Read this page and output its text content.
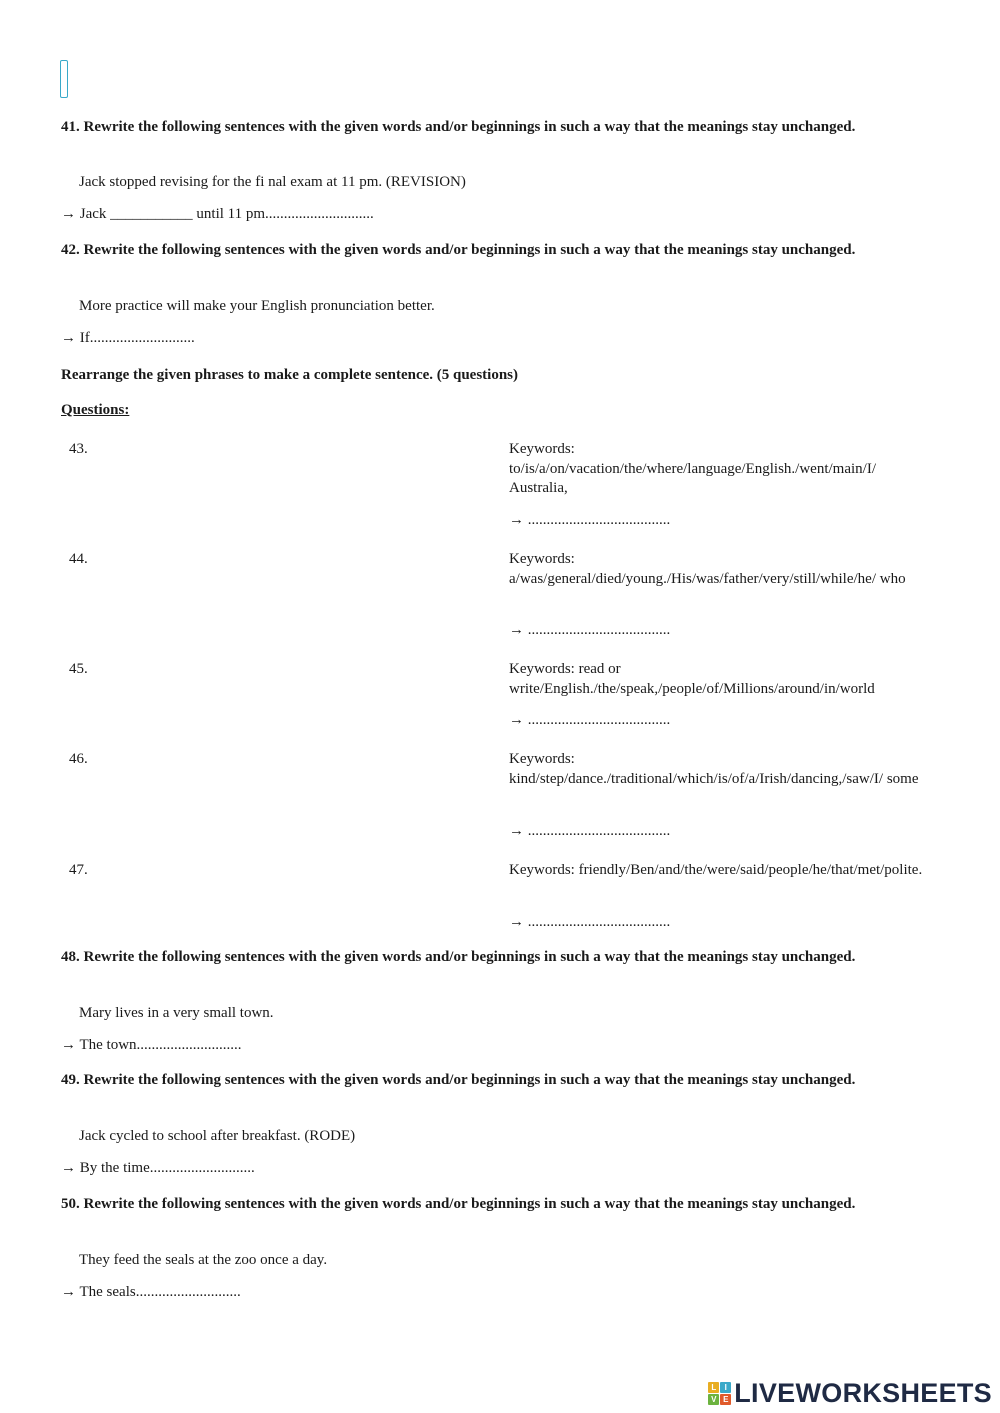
41. Rewrite the following sentences with the given words and/or beginnings in such a way that the meanings stay unchanged.
Jack stopped revising for the fi nal exam at 11 pm. (REVISION)
→ Jack ___________ until 11 pm.............................
42. Rewrite the following sentences with the given words and/or beginnings in such a way that the meanings stay unchanged.
More practice will make your English pronunciation better.
→ If............................
Rearrange the given phrases to make a complete sentence. (5 questions)
Questions:
43.	Keywords: to/is/a/on/vacation/the/where/language/English./went/main/I/ Australia,
→ ......................................
44.	Keywords: a/was/general/died/young./His/was/father/very/still/while/he/ who
→ ......................................
45.	Keywords: read or write/English./the/speak,/people/of/Millions/around/in/world
→ ......................................
46.	Keywords: kind/step/dance./traditional/which/is/of/a/Irish/dancing,/saw/I/ some
→ ......................................
47.	Keywords: friendly/Ben/and/the/were/said/people/he/that/met/polite.
→ ......................................
48. Rewrite the following sentences with the given words and/or beginnings in such a way that the meanings stay unchanged.
Mary lives in a very small town.
→ The town............................
49. Rewrite the following sentences with the given words and/or beginnings in such a way that the meanings stay unchanged.
Jack cycled to school after breakfast. (RODE)
→ By the time............................
50. Rewrite the following sentences with the given words and/or beginnings in such a way that the meanings stay unchanged.
They feed the seals at the zoo once a day.
→ The seals............................
L	I
V E LIVEWORKSHEETS
